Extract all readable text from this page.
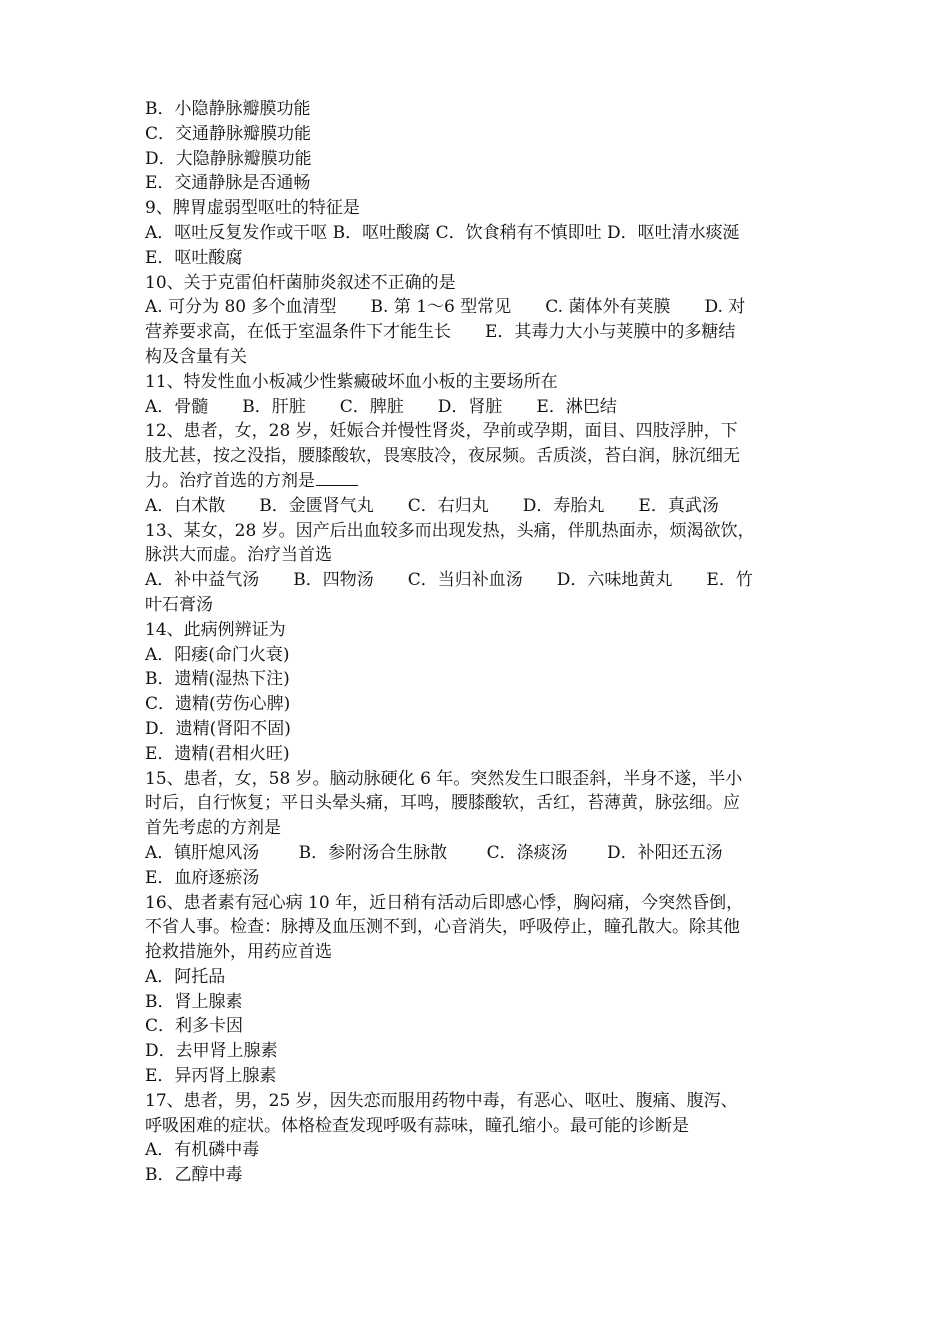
B．小隐静脉瓣膜功能
C．交通静脉瓣膜功能
D．大隐静脉瓣膜功能
E．交通静脉是否通畅
9、脾胃虚弱型呕吐的特征是
A．呕吐反复发作或干呕 B．呕吐酸腐 C．饮食稍有不慎即吐 D．呕吐清水痰涎
E．呕吐酸腐
10、关于克雷伯杆菌肺炎叙述不正确的是
A. 可分为 80 多个血清型　　B. 第 1～6 型常见　　C. 菌体外有荚膜　　D. 对
营养要求高，在低于室温条件下才能生长　　E．其毒力大小与荚膜中的多糖结
构及含量有关
11、特发性血小板减少性紫癜破坏血小板的主要场所在
A．骨髓　　B．肝脏　　C．脾脏　　D．肾脏　　E．淋巴结
12、患者，女，28 岁，妊娠合并慢性肾炎，孕前或孕期，面目、四肢浮肿，下
肢尤甚，按之没指，腰膝酸软，畏寒肢冷，夜尿频。舌质淡，苔白润，脉沉细无
力。治疗首选的方剂是
A．白术散　　B．金匮肾气丸　　C．右归丸　　D．寿胎丸　　E．真武汤
13、某女，28 岁。因产后出血较多而出现发热，头痛，伴肌热面赤，烦渴欲饮，
脉洪大而虚。治疗当首选
A．补中益气汤　　B．四物汤　　C．当归补血汤　　D．六味地黄丸　　E．竹
叶石膏汤
14、此病例辨证为
A．阳痿(命门火衰)
B．遗精(湿热下注)
C．遗精(劳伤心脾)
D．遗精(肾阳不固)
E．遗精(君相火旺)
15、患者，女，58 岁。脑动脉硬化 6 年。突然发生口眼歪斜，半身不遂，半小
时后，自行恢复；平日头晕头痛，耳鸣，腰膝酸软，舌红，苔薄黄，脉弦细。应
首先考虑的方剂是
A．镇肝熄风汤　　 B．参附汤合生脉散　　 C．涤痰汤　　 D．补阳还五汤
E．血府逐瘀汤
16、患者素有冠心病 10 年，近日稍有活动后即感心悸，胸闷痛，今突然昏倒，
不省人事。检查：脉搏及血压测不到，心音消失，呼吸停止，瞳孔散大。除其他
抢救措施外，用药应首选
A．阿托品
B．肾上腺素
C．利多卡因
D．去甲肾上腺素
E．异丙肾上腺素
17、患者，男，25 岁，因失恋而服用药物中毒，有恶心、呕吐、腹痛、腹泻、
呼吸困难的症状。体格检查发现呼吸有蒜味，瞳孔缩小。最可能的诊断是
A．有机磷中毒
B．乙醇中毒
